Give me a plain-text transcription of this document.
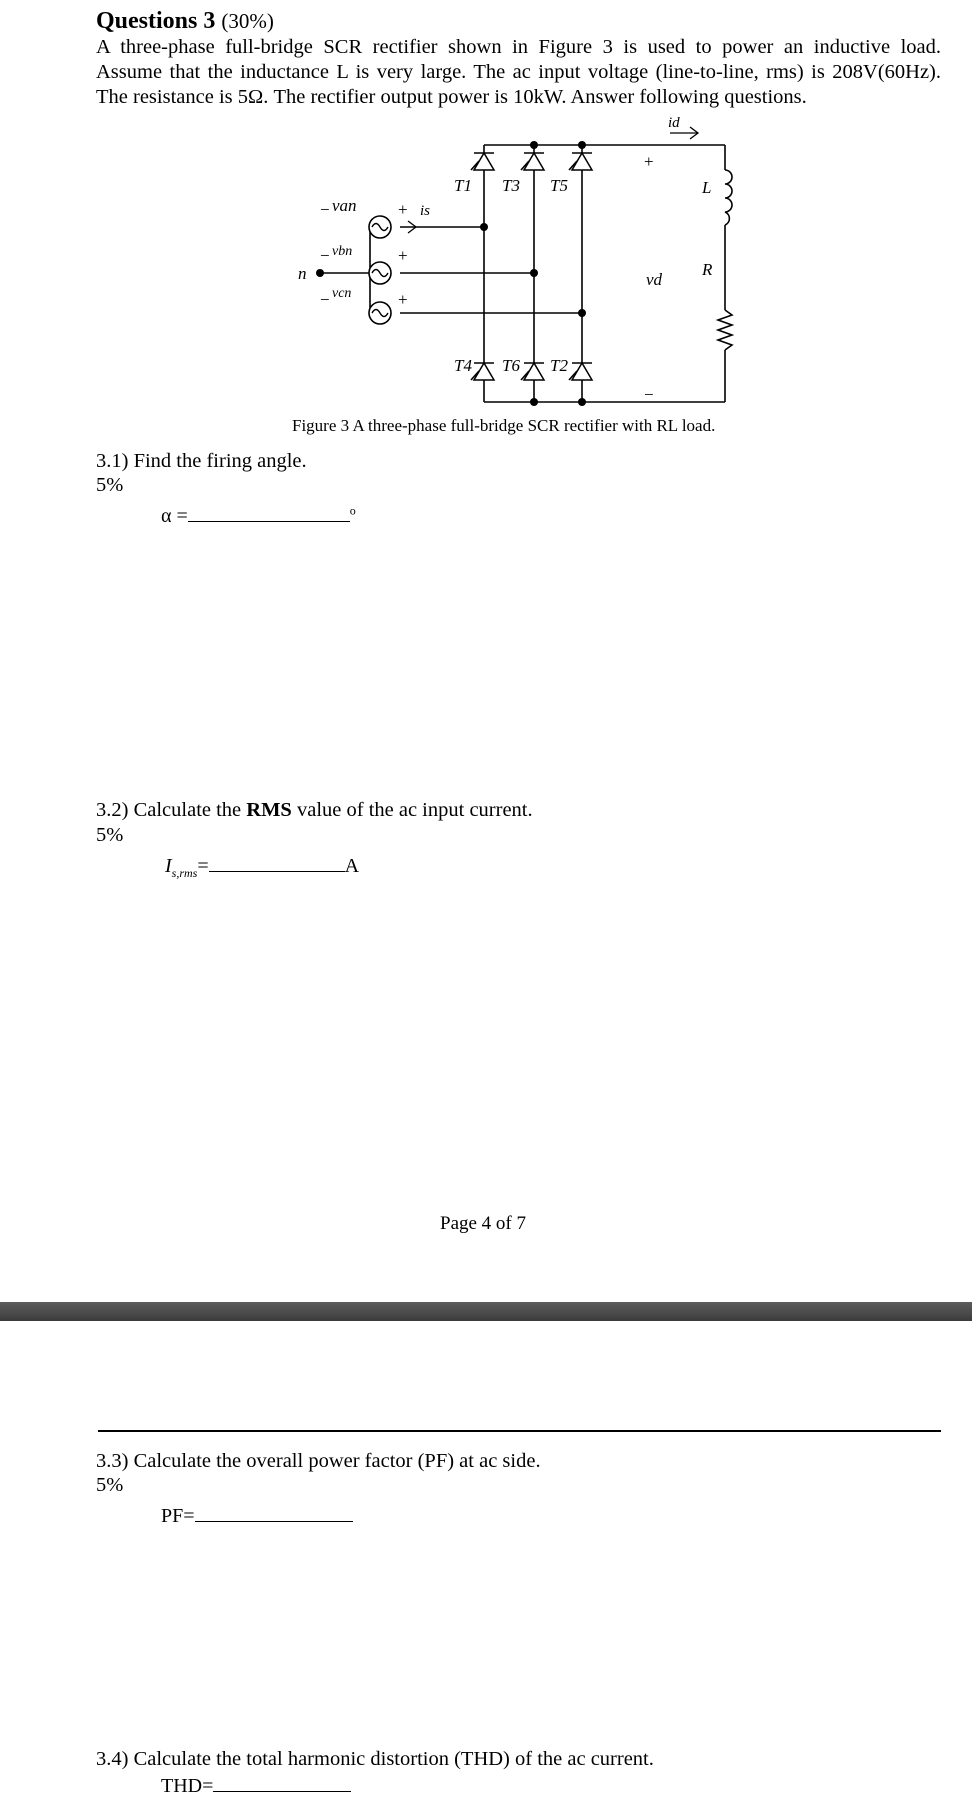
Questions 3 (30%)
A three-phase full-bridge SCR rectifier shown in Figure 3 is used to power an inductive load.
Assume that the inductance L is very large. The ac input voltage (line-to-line, rms) is 208V(60Hz).
The resistance is 5Ω. The rectifier output power is 10kW. Answer following questions.
n
van
vbn
vcn
is
id
vd
L
R
T1 T3 T5
T4 T6 T2
−	+
−	+
−	+
+
−
Figure 3 A three-phase full-bridge SCR rectifier with RL load.
3.1) Find the firing angle.
5%
α =	$^o$
3.2) Calculate the RMS value of the ac input current.
5%
$I_{s,rms}=$	A
Page 4 of 7
3.3) Calculate the overall power factor (PF) at ac side.
5%
PF=
3.4) Calculate the total harmonic distortion (THD) of the ac current.
THD=
